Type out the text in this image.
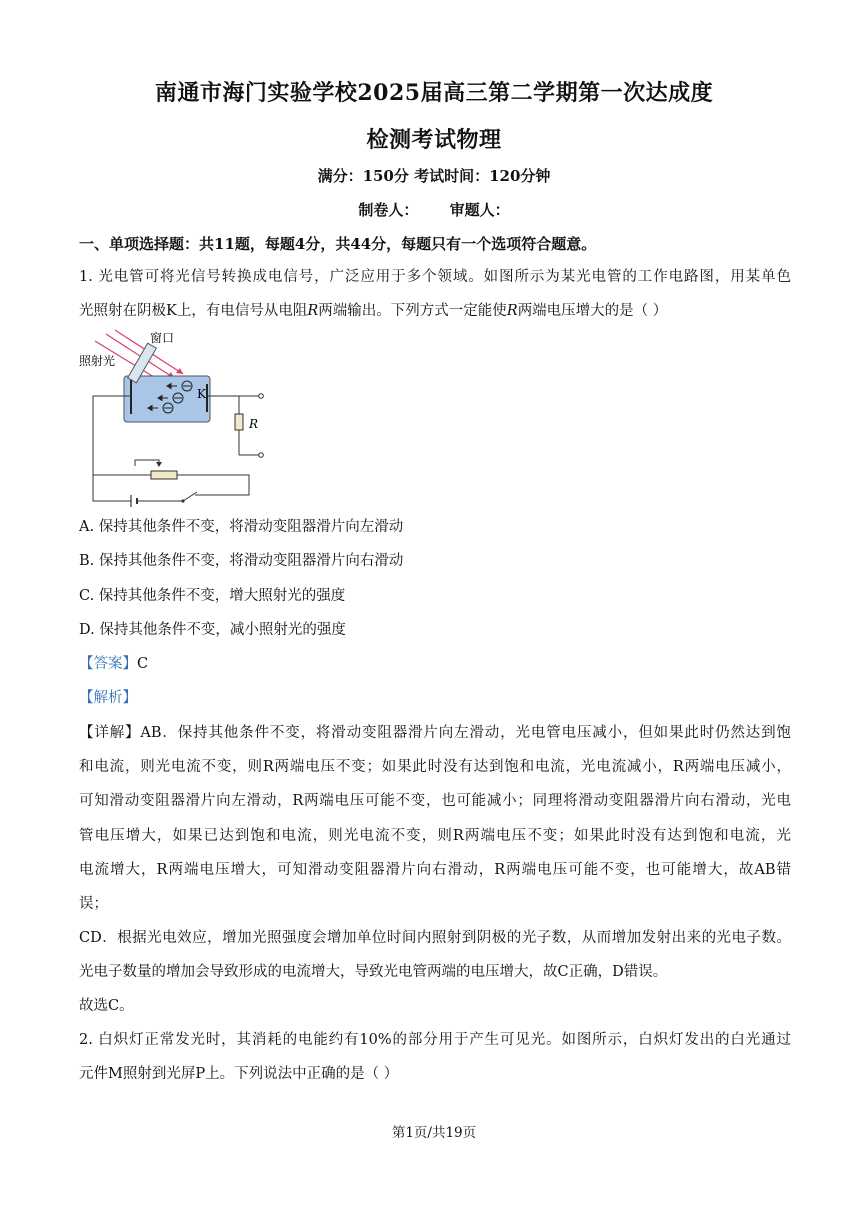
南通市海门实验学校2025届高三第二学期第一次达成度
检测考试物理
满分：150分 考试时间：120分钟
制卷人：      审题人：
一、单项选择题：共11题，每题4分，共44分，每题只有一个选项符合题意。
1. 光电管可将光信号转换成电信号，广泛应用于多个领域。如图所示为某光电管的工作电路图，用某单色
光照射在阴极K上，有电信号从电阻R两端输出。下列方式一定能使R两端电压增大的是（ ）
窗口
照射光
K
R
A. 保持其他条件不变，将滑动变阻器滑片向左滑动
B. 保持其他条件不变，将滑动变阻器滑片向右滑动
C. 保持其他条件不变，增大照射光的强度
D. 保持其他条件不变，减小照射光的强度
【答案】C
【解析】
【详解】AB．保持其他条件不变，将滑动变阻器滑片向左滑动，光电管电压减小，但如果此时仍然达到饱
和电流，则光电流不变，则R两端电压不变；如果此时没有达到饱和电流，光电流减小，R两端电压减小，
可知滑动变阻器滑片向左滑动，R两端电压可能不变，也可能减小；同理将滑动变阻器滑片向右滑动，光电
管电压增大，如果已达到饱和电流，则光电流不变，则R两端电压不变；如果此时没有达到饱和电流，光
电流增大，R两端电压增大，可知滑动变阻器滑片向右滑动，R两端电压可能不变，也可能增大，故AB错
误；
CD．根据光电效应，增加光照强度会增加单位时间内照射到阴极的光子数，从而增加发射出来的光电子数。
光电子数量的增加会导致形成的电流增大，导致光电管两端的电压增大，故C正确，D错误。
故选C。
2. 白炽灯正常发光时，其消耗的电能约有10%的部分用于产生可见光。如图所示，白炽灯发出的白光通过
元件M照射到光屏P上。下列说法中正确的是（ ）
第1页/共19页
